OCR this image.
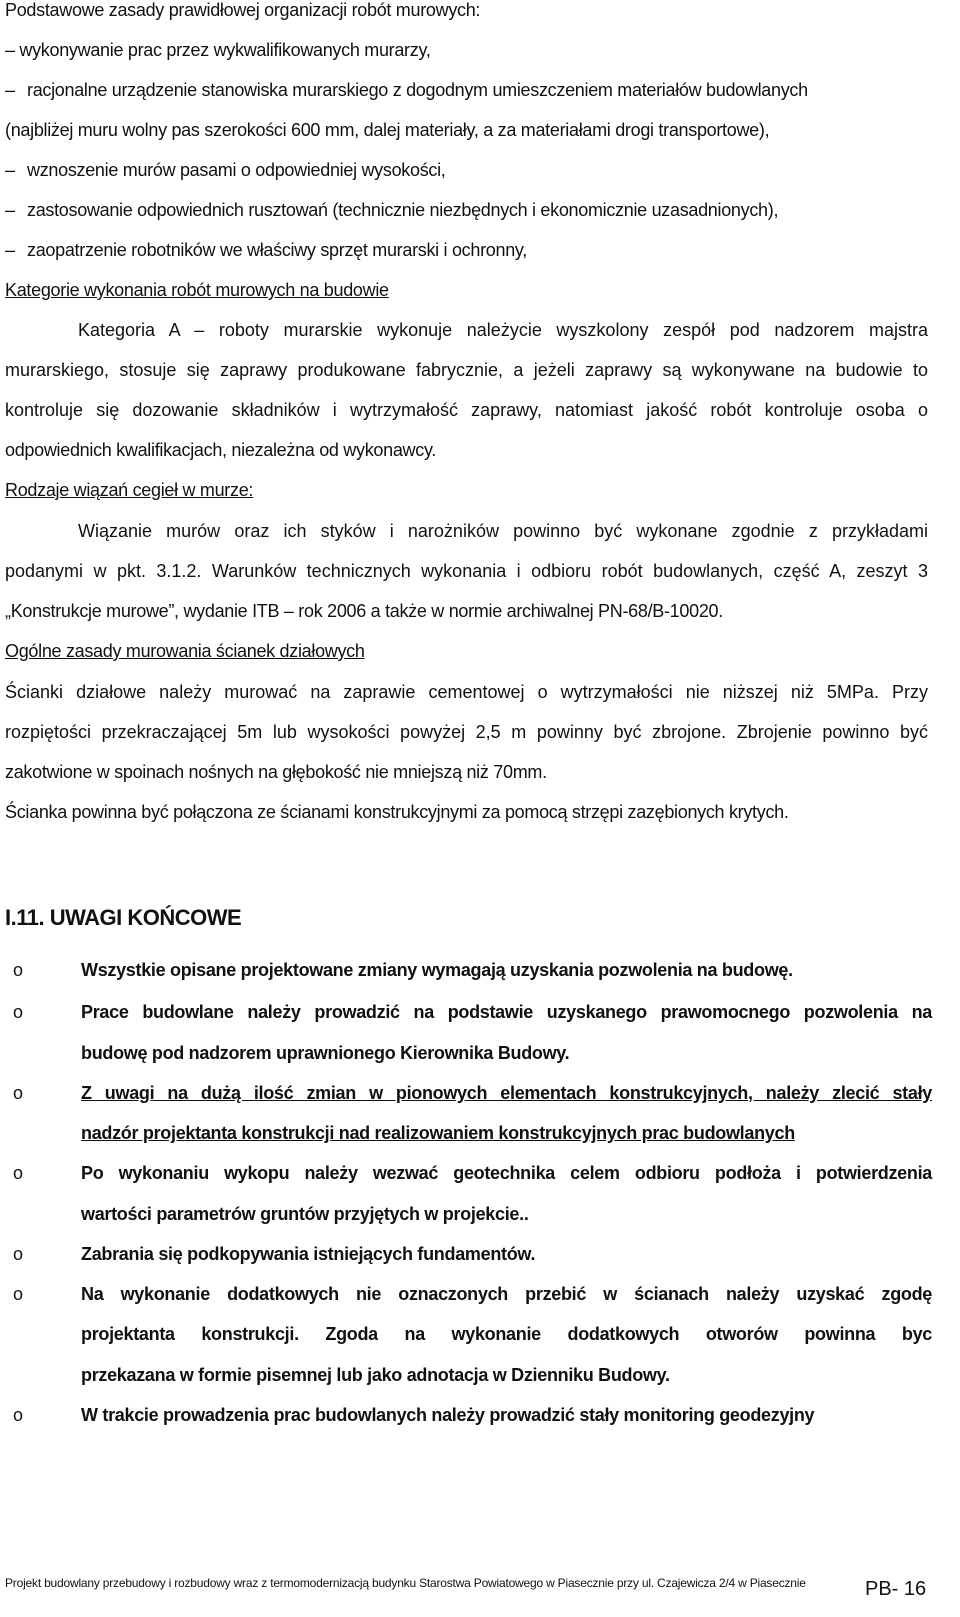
Podstawowe zasady prawidłowej organizacji robót murowych:
– wykonywanie prac przez wykwalifikowanych murarzy,
– racjonalne urządzenie stanowiska murarskiego z dogodnym umieszczeniem materiałów budowlanych
(najbliżej muru wolny pas szerokości 600 mm, dalej materiały, a za materiałami drogi transportowe),
– wznoszenie murów pasami o odpowiedniej wysokości,
– zastosowanie odpowiednich rusztowań (technicznie niezbędnych i ekonomicznie uzasadnionych),
– zaopatrzenie robotników we właściwy sprzęt murarski i ochronny,
Kategorie wykonania robót murowych na budowie
Kategoria A – roboty murarskie wykonuje należycie wyszkolony zespół pod nadzorem majstra
murarskiego, stosuje się zaprawy produkowane fabrycznie, a jeżeli zaprawy są wykonywane na budowie to
kontroluje się dozowanie składników i wytrzymałość zaprawy, natomiast jakość robót kontroluje osoba o
odpowiednich kwalifikacjach, niezależna od wykonawcy.
Rodzaje wiązań cegieł w murze:
Wiązanie murów oraz ich styków i narożników powinno być wykonane zgodnie z przykładami
podanymi w pkt. 3.1.2. Warunków technicznych wykonania i odbioru robót budowlanych, część A, zeszyt 3
„Konstrukcje murowe”, wydanie ITB – rok 2006 a także w normie archiwalnej PN-68/B-10020.
Ogólne zasady murowania ścianek działowych
Ścianki działowe należy murować na zaprawie cementowej o wytrzymałości nie niższej niż 5MPa. Przy
rozpiętości przekraczającej 5m lub wysokości powyżej 2,5 m powinny być zbrojone. Zbrojenie powinno być
zakotwione w spoinach nośnych na głębokość nie mniejszą niż 70mm.
Ścianka powinna być połączona ze ścianami konstrukcyjnymi za pomocą strzępi zazębionych krytych.
I.11. UWAGI KOŃCOWE
o	Wszystkie opisane projektowane zmiany wymagają uzyskania pozwolenia na budowę.
o	Prace budowlane należy prowadzić na podstawie uzyskanego prawomocnego pozwolenia na
budowę pod nadzorem uprawnionego Kierownika Budowy.
o	Z uwagi na dużą ilość zmian w pionowych elementach konstrukcyjnych, należy zlecić stały
nadzór projektanta konstrukcji nad realizowaniem konstrukcyjnych prac budowlanych
o	Po wykonaniu wykopu należy wezwać geotechnika celem odbioru podłoża i potwierdzenia
wartości parametrów gruntów przyjętych w projekcie..
o	Zabrania się podkopywania istniejących fundamentów.
o	Na wykonanie dodatkowych nie oznaczonych przebić w ścianach należy uzyskać zgodę
projektanta konstrukcji. Zgoda na wykonanie dodatkowych otworów powinna byc
przekazana w formie pisemnej lub jako adnotacja w Dzienniku Budowy.
o	W trakcie prowadzenia prac budowlanych należy prowadzić stały monitoring geodezyjny
Projekt budowlany przebudowy i rozbudowy wraz z termomodernizacją budynku Starostwa Powiatowego w Piasecznie przy ul. Czajewicza 2/4 w Piasecznie	PB- 16
